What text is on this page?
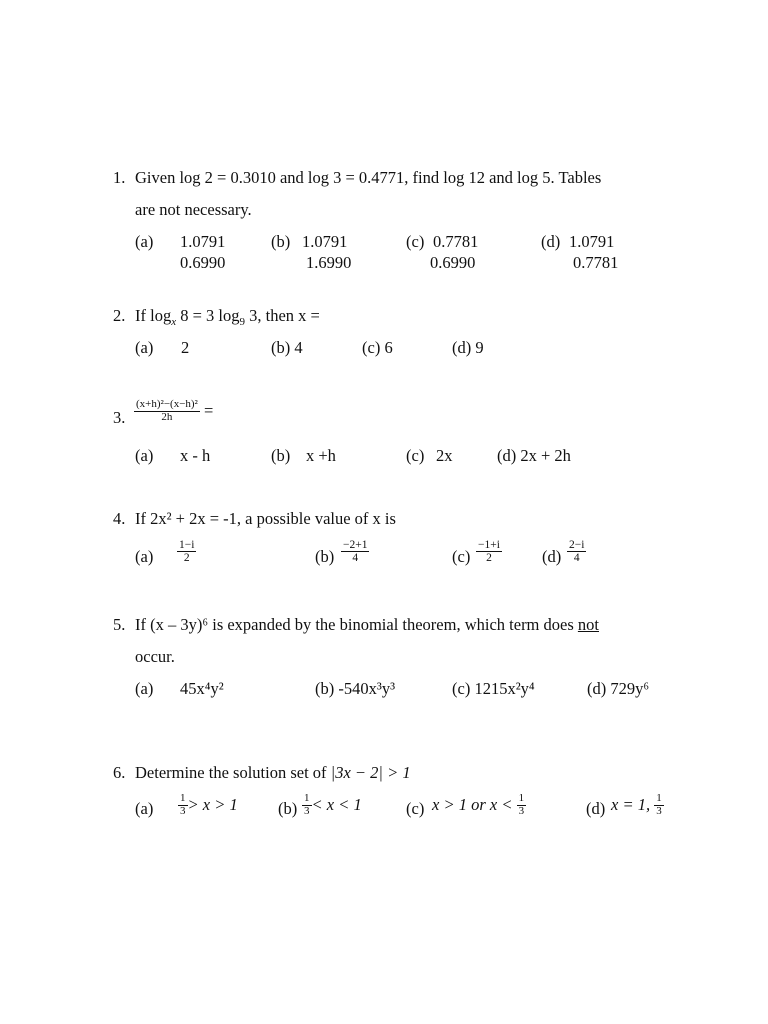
1. Given log 2 = 0.3010 and log 3 = 0.4771, find log 12 and log 5. Tables
are not necessary.
(a) 1.0791
0.6990
(b) 1.0791
1.6990
(c) 0.7781
0.6990
(d) 1.0791
0.7781
2. If $\log_x 8 = 3$ $\log_9 3$, then x =
(a) 2	(b) 4	(c) 6	(d) 9
3. $\frac{\text{(x+h)²−(x−h)²}}{2h}$ =
(a) x - h	(b) x +h	(c) 2x	(d) 2x + 2h
4. If 2x² + 2x = -1, a possible value of x is
$(a) \frac{1-i}{2}$	$(b) \frac{-2+1}{4}$	$(c) \frac{-1+i}{2} (d) \frac{2-i}{4}$
5. If (x – 3y)⁶ is expanded by the binomial theorem, which term does not
occur.
(a) 45x⁴y²	(b) -540x³y³	(c) 1215x²y⁴	(d) 729y⁶
6. Determine the solution set of |3x − 2| > 1
$(a) \frac{1}{3} > x > 1$ $(b) \frac{1}{3} < x < 1$	(c) x > 1 or $x < \frac{1}{3}$	(d) x = 1, $\frac{1}{3}$
